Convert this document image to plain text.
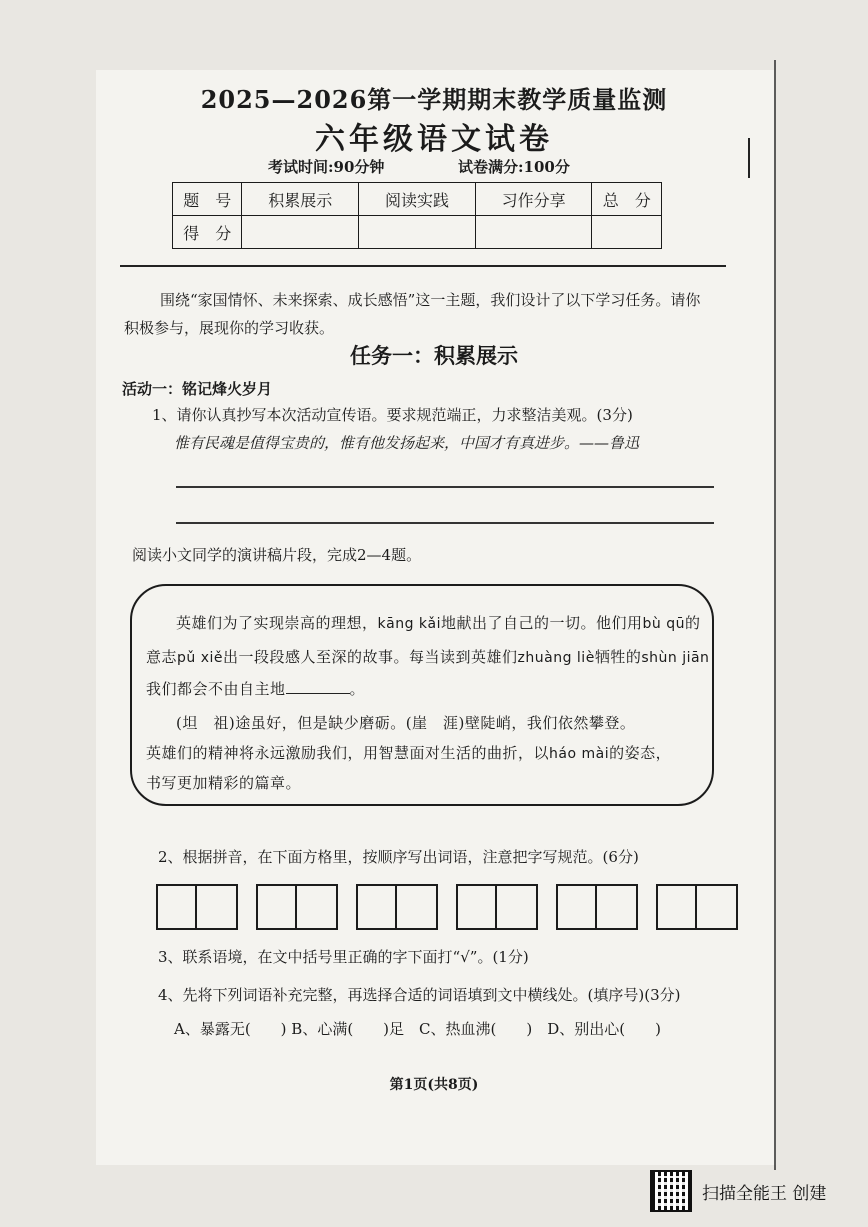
2025—2026第一学期期末教学质量监测
六年级语文试卷
考试时间:90分钟	试卷满分:100分
题　号	积累展示	阅读实践	习作分享	总　分
得　分				
围绕“家国情怀、未来探索、成长感悟”这一主题，我们设计了以下学习任务。请你
积极参与，展现你的学习收获。
任务一：积累展示
活动一：铭记烽火岁月
1、请你认真抄写本次活动宣传语。要求规范端正，力求整洁美观。(3分)
惟有民魂是值得宝贵的，惟有他发扬起来，中国才有真进步。——鲁迅
阅读小文同学的演讲稿片段，完成2—4题。
英雄们为了实现崇高的理想，kāng kǎi地献出了自己的一切。他们用bù qū的
意志pǔ xiě出一段段感人至深的故事。每当读到英雄们zhuàng liè牺牲的shùn jiān
我们都会不由自主地	。
(坦　祖)途虽好，但是缺少磨砺。(崖　涯)壁陡峭，我们依然攀登。
英雄们的精神将永远激励我们，用智慧面对生活的曲折，以háo mài的姿态，
书写更加精彩的篇章。
2、根据拼音，在下面方格里，按顺序写出词语，注意把字写规范。(6分)
3、联系语境，在文中括号里正确的字下面打“√”。(1分)
4、先将下列词语补充完整，再选择合适的词语填到文中横线处。(填序号)(3分)
A、暴露无(　　) B、心满(　　)足　C、热血沸(　　)　D、别出心(　　)
第1页(共8页)
扫描全能王 创建
